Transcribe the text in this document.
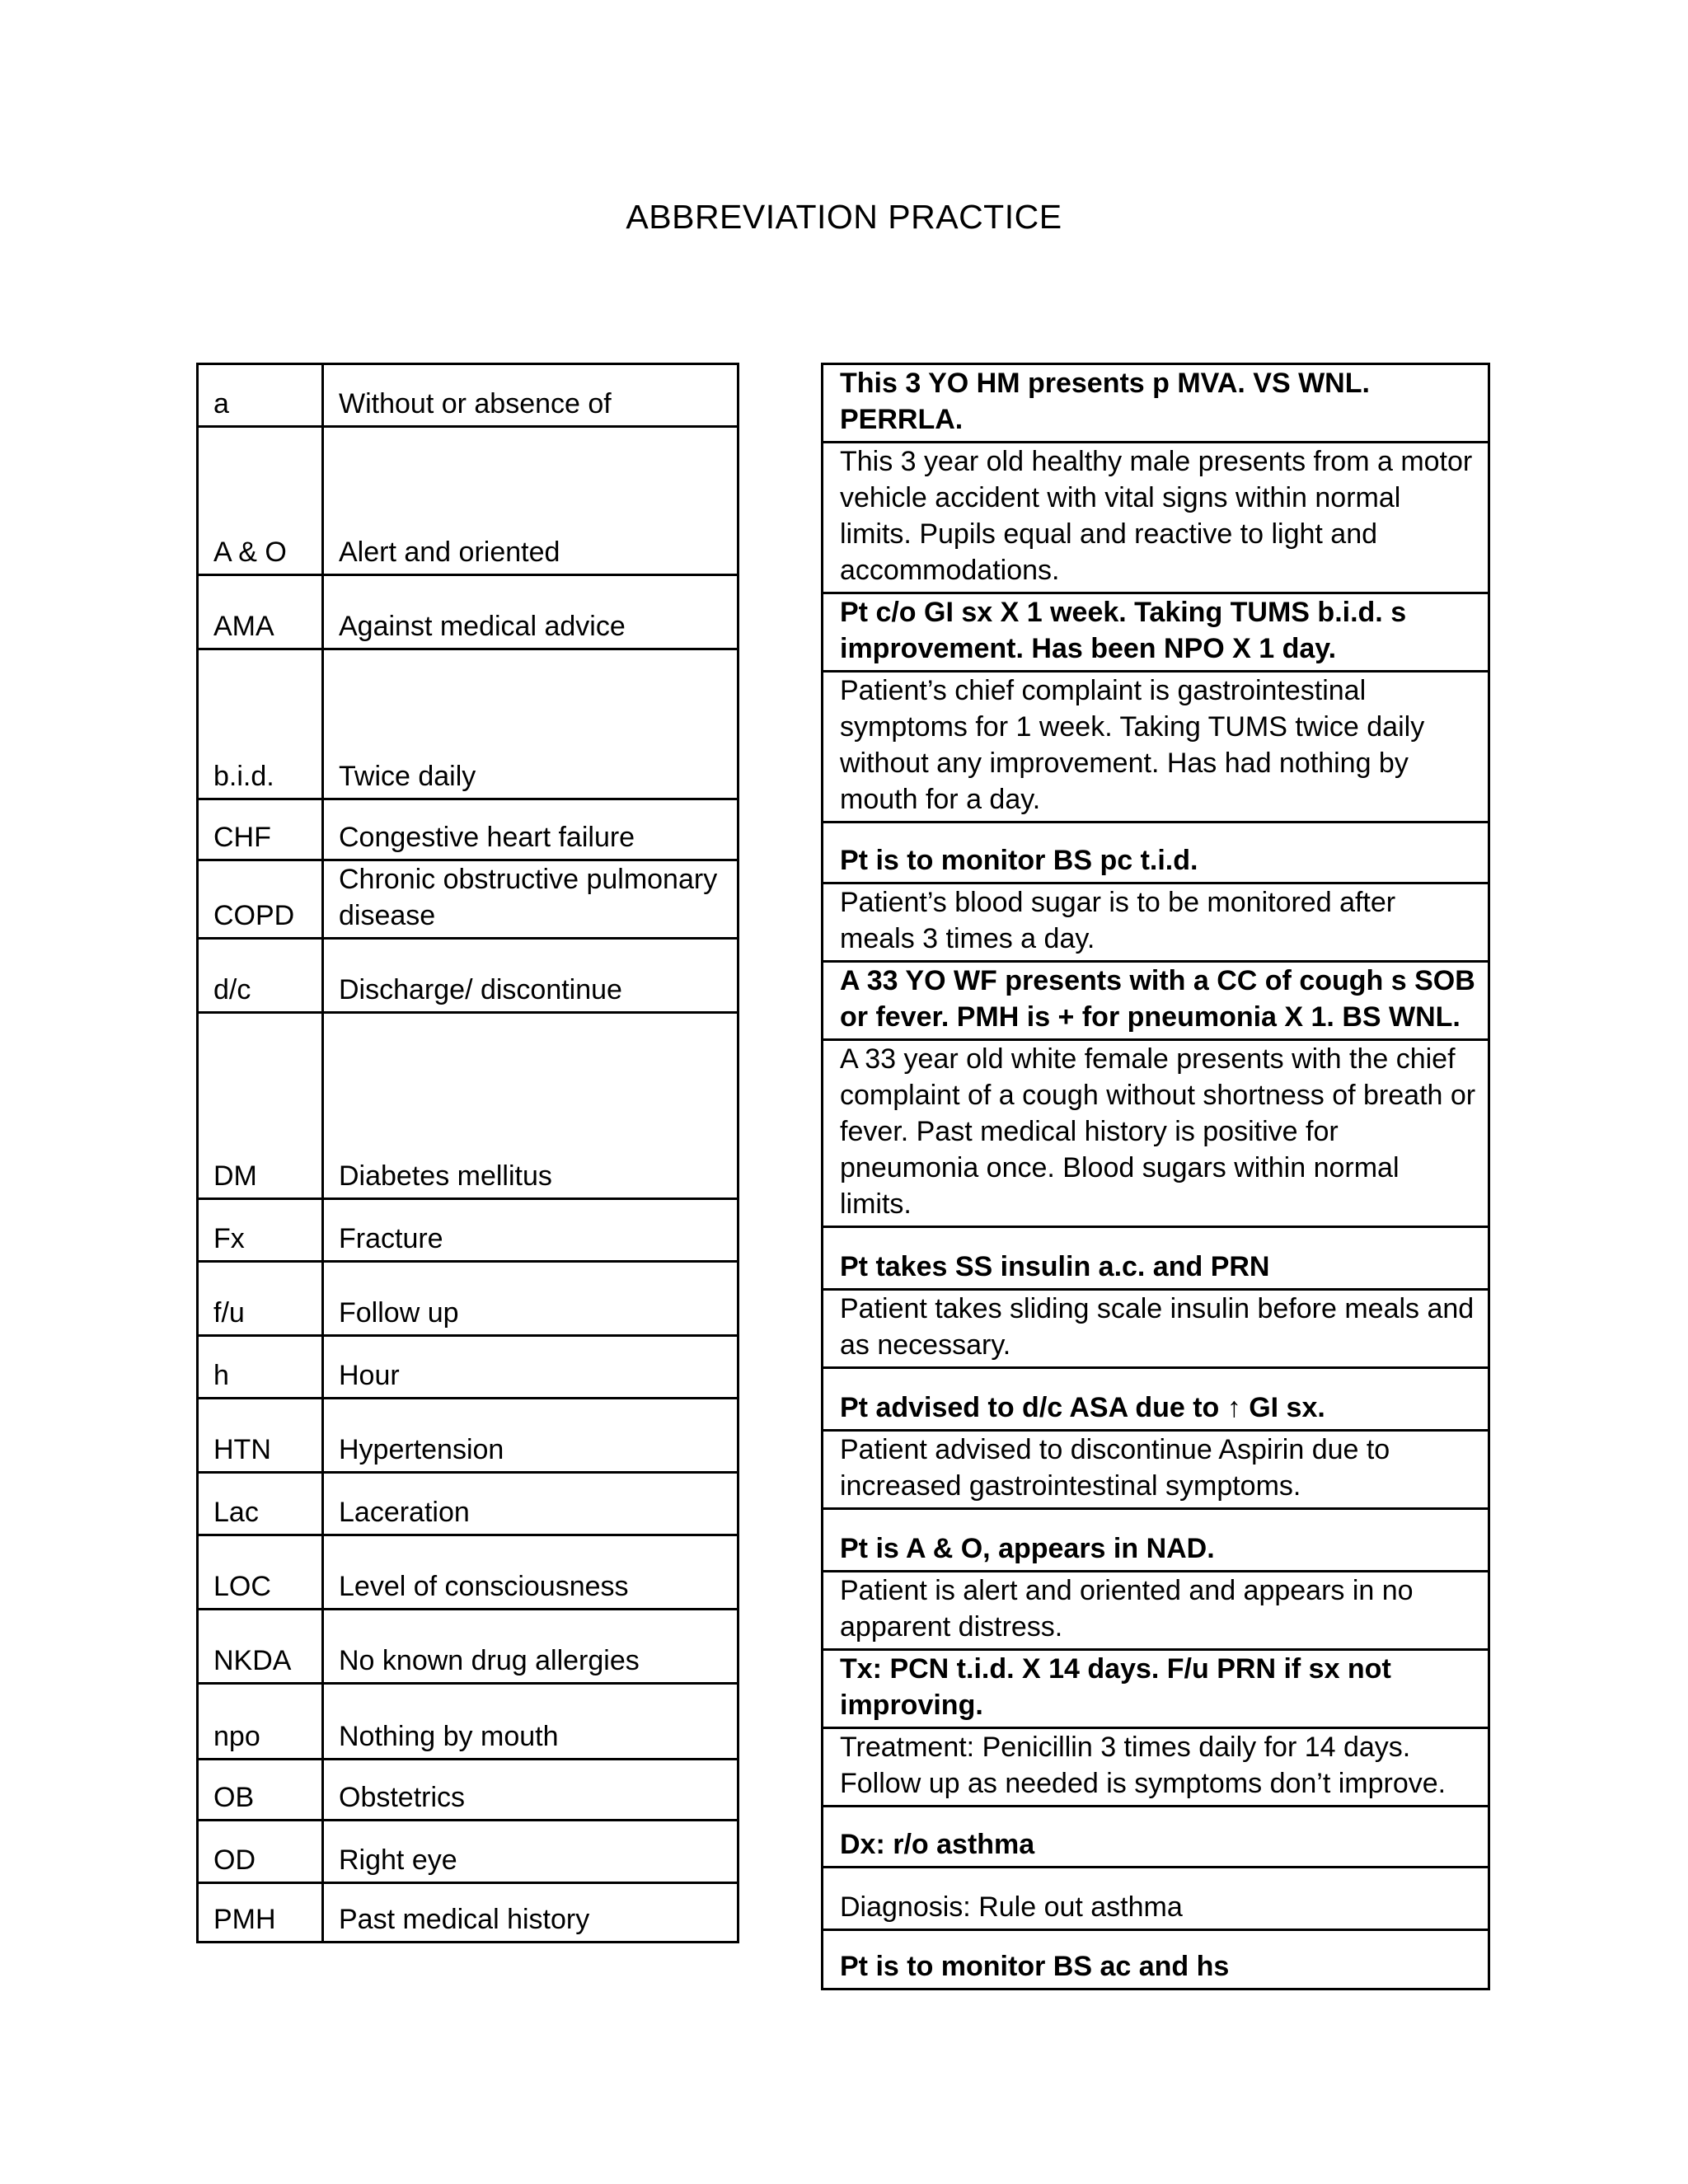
ABBREVIATION PRACTICE
a	Without or absence of
A & O	Alert and oriented
AMA	Against medical advice
b.i.d.	Twice daily
CHF	Congestive heart failure
COPD	Chronic obstructive pulmonary disease
d/c	Discharge/ discontinue
DM	Diabetes mellitus
Fx	Fracture
f/u	Follow up
h	Hour
HTN	Hypertension
Lac	Laceration
LOC	Level of consciousness
NKDA	No known drug allergies
npo	Nothing by mouth
OB	Obstetrics
OD	Right eye
PMH	Past medical history
This 3 YO HM presents p MVA. VS WNL. PERRLA.
This 3 year old healthy male presents from a motor vehicle accident with vital signs within normal limits. Pupils equal and reactive to light and accommodations.
Pt c/o GI sx X 1 week. Taking TUMS b.i.d. s improvement. Has been NPO X 1 day.
Patient’s chief complaint is gastrointestinal symptoms for 1 week. Taking TUMS twice daily without any improvement. Has had nothing by mouth for a day.
Pt is to monitor BS pc t.i.d.
Patient’s blood sugar is to be monitored after meals 3 times a day.
A 33 YO WF presents with a CC of cough s SOB or fever. PMH is + for pneumonia X 1. BS WNL.
A 33 year old white female presents with the chief complaint of a cough without shortness of breath or fever. Past medical history is positive for pneumonia once. Blood sugars within normal limits.
Pt takes SS insulin a.c. and PRN
Patient takes sliding scale insulin before meals and as necessary.
Pt advised to d/c ASA due to ↑ GI sx.
Patient advised to discontinue Aspirin due to increased gastrointestinal symptoms.
Pt is A & O, appears in NAD.
Patient is alert and oriented and appears in no apparent distress.
Tx: PCN t.i.d. X 14 days. F/u PRN if sx not improving.
Treatment: Penicillin 3 times daily for 14 days. Follow up as needed is symptoms don’t improve.
Dx: r/o asthma
Diagnosis: Rule out asthma
Pt is to monitor BS ac and hs
